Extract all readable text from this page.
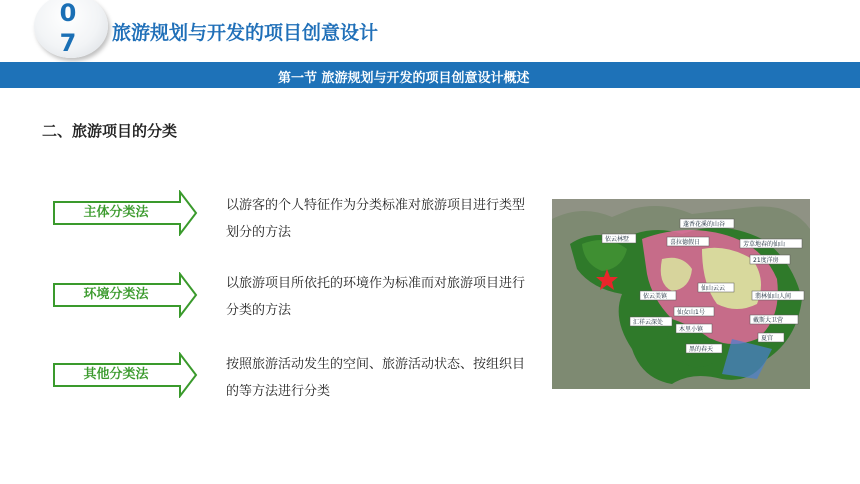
07 旅游规划与开发的项目创意设计
第一节 旅游规划与开发的项目创意设计概述
二、旅游项目的分类
主体分类法	以游客的个人特征作为分类标准对旅游项目进行类型划分的方法
环境分类法
以旅游项目所依托的环境作为标准而对旅游项目进行分类的方法
其他分类法
按照旅游活动发生的空间、旅游活动状态、按组织目的等方法进行分类
蓬香花溪的山谷
依云林墅	喜拉德假日	芳草地春的仙山
21度洋房
依云美镇
仙山云云
翡林仙山人间
仙女山1号
汇祥云深处
木里小镇
戴斯大卫营
夏宫
黑的春天
